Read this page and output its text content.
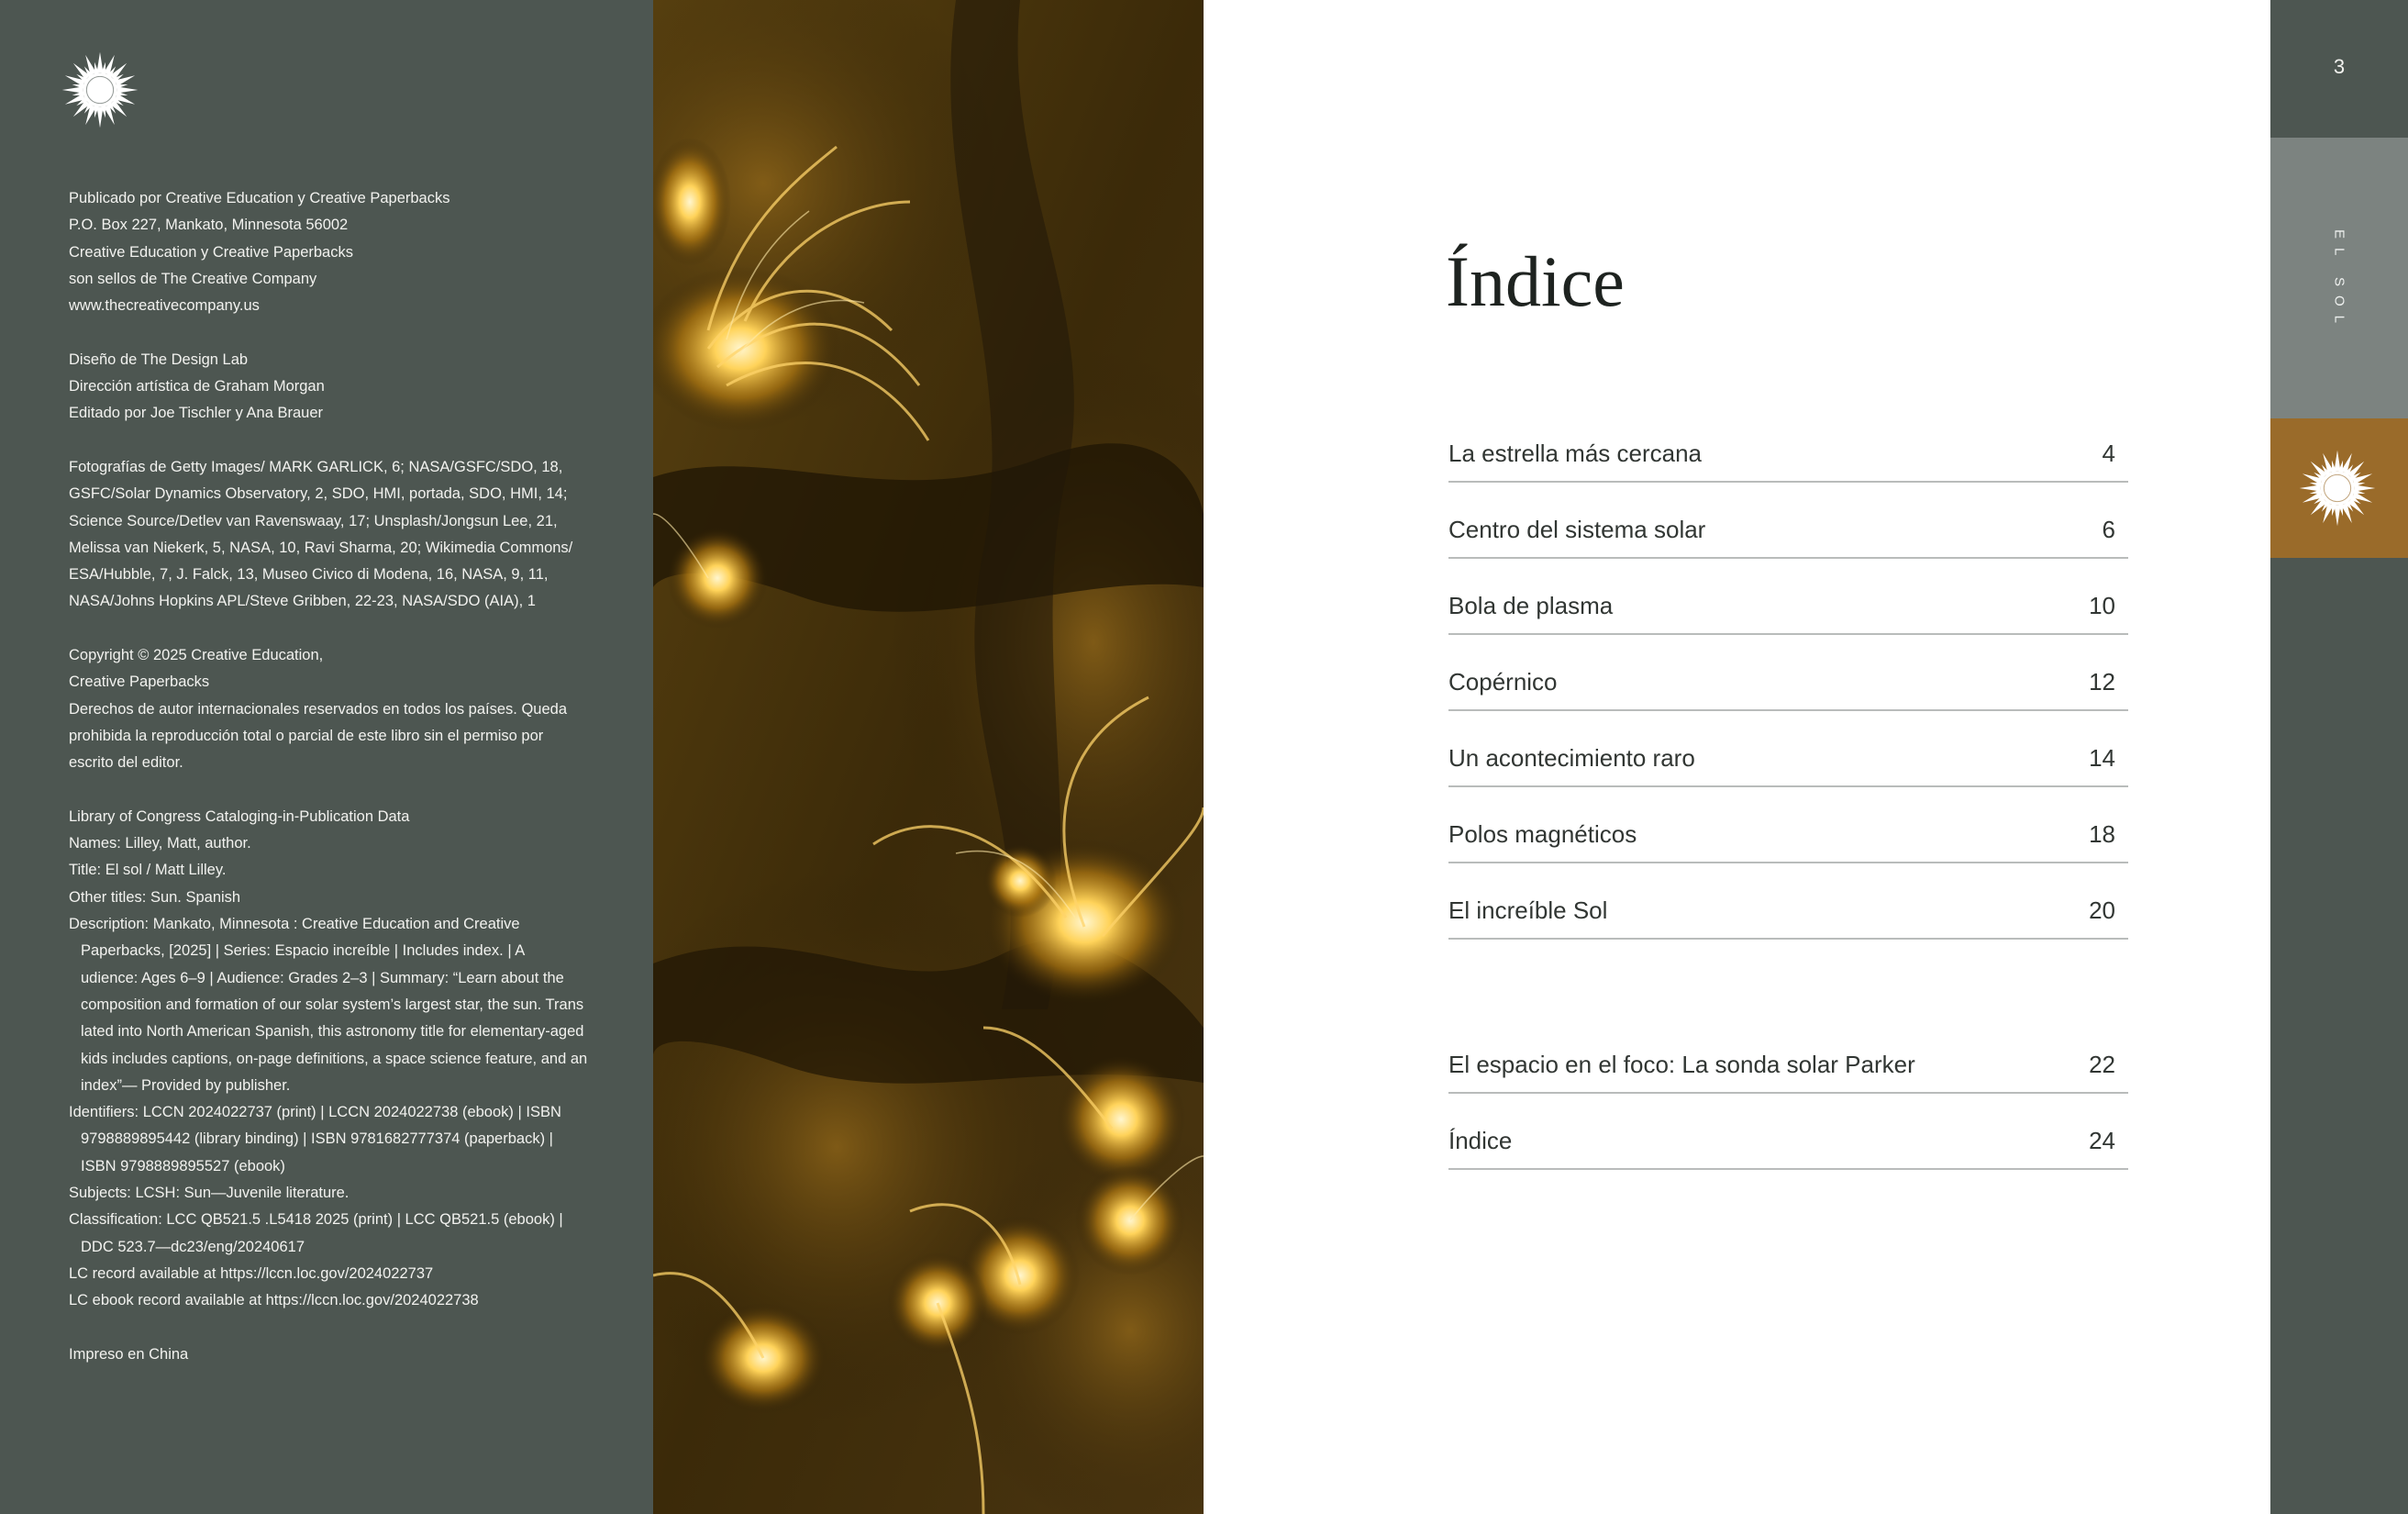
Publicado por Creative Education y Creative Paperbacks
P.O. Box 227, Mankato, Minnesota 56002
Creative Education y Creative Paperbacks
son sellos de The Creative Company
www.thecreativecompany.us

Diseño de The Design Lab
Dirección artística de Graham Morgan
Editado por Joe Tischler y Ana Brauer

Fotografías de Getty Images/ MARK GARLICK, 6; NASA/GSFC/SDO, 18,
GSFC/Solar Dynamics Observatory, 2, SDO, HMI, portada, SDO, HMI, 14;
Science Source/Detlev van Ravenswaay, 17; Unsplash/Jongsun Lee, 21,
Melissa van Niekerk, 5, NASA, 10, Ravi Sharma, 20; Wikimedia Commons/
ESA/Hubble, 7, J. Falck, 13, Museo Civico di Modena, 16, NASA, 9, 11,
NASA/Johns Hopkins APL/Steve Gribben, 22-23, NASA/SDO (AIA), 1

Copyright © 2025 Creative Education,
Creative Paperbacks
Derechos de autor internacionales reservados en todos los países. Queda
prohibida la reproducción total o parcial de este libro sin el permiso por
escrito del editor.

Library of Congress Cataloging-in-Publication Data
Names: Lilley, Matt, author.
Title: El sol / Matt Lilley.
Other titles: Sun. Spanish
Description: Mankato, Minnesota : Creative Education and Creative
Paperbacks, [2025] | Series: Espacio increíble | Includes index. | A
udience: Ages 6–9 | Audience: Grades 2–3 | Summary: “Learn about the
composition and formation of our solar system’s largest star, the sun. Trans
lated into North American Spanish, this astronomy title for elementary-aged
kids includes captions, on-page definitions, a space science feature, and an
index”— Provided by publisher.
Identifiers: LCCN 2024022737 (print) | LCCN 2024022738 (ebook) | ISBN
9798889895442 (library binding) | ISBN 9781682777374 (paperback) |
ISBN 9798889895527 (ebook)
Subjects: LCSH: Sun—Juvenile literature.
Classification: LCC QB521.5 .L5418 2025 (print) | LCC QB521.5 (ebook) |
DDC 523.7—dc23/eng/20240617
LC record available at https://lccn.loc.gov/2024022737
LC ebook record available at https://lccn.loc.gov/2024022738

Impreso en China

Índice
La estrella más cercana	4
Centro del sistema solar	6
Bola de plasma	10
Copérnico	12
Un acontecimiento raro	14
Polos magnéticos	18
El increíble Sol	20
El espacio en el foco: La sonda solar Parker	22
Índice	24
3
EL SOL
